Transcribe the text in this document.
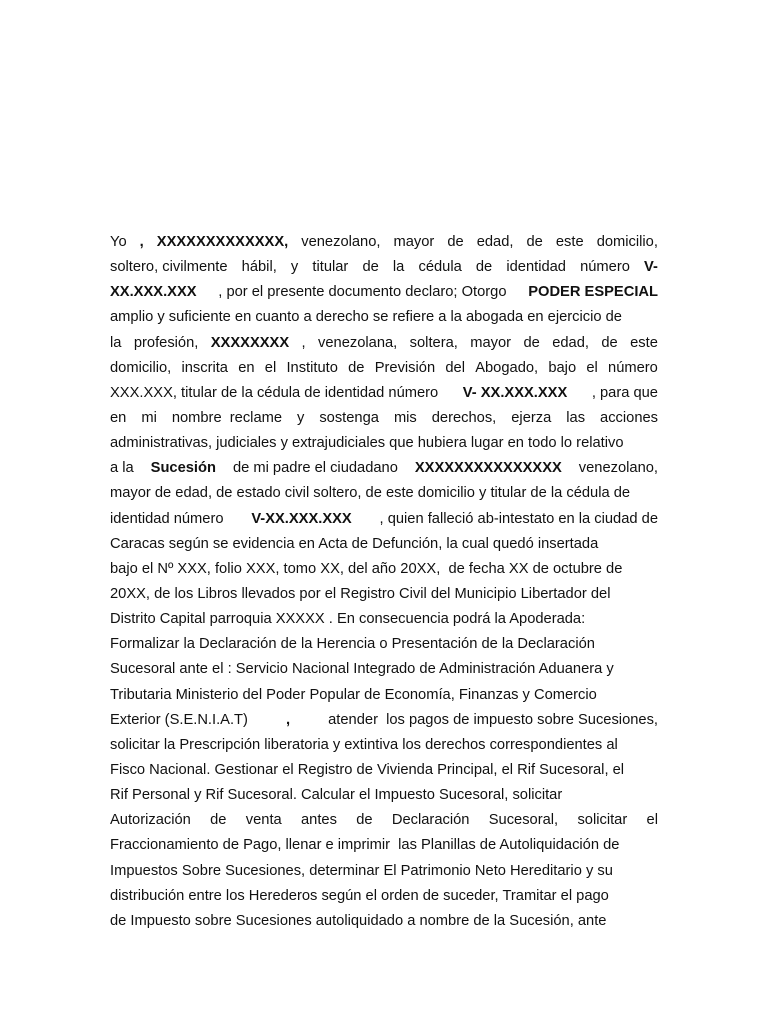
Yo , XXXXXXXXXXXXX, venezolano, mayor de edad, de este domicilio,
soltero, civilmente hábil, y titular de la cédula de identidad número V-
XX.XXX.XXX , por el presente documento declaro; Otorgo PODER ESPECIAL
amplio y suficiente en cuanto a derecho se refiere a la abogada en ejercicio de
la profesión, XXXXXXXX , venezolana, soltera, mayor de edad, de este
domicilio, inscrita en el Instituto de Previsión del Abogado, bajo el número
XXX.XXX, titular de la cédula de identidad número V- XX.XXX.XXX , para que
en mi nombre  reclame y sostenga mis derechos, ejerza las acciones
administrativas, judiciales y extrajudiciales que hubiera lugar en todo lo relativo
a la Sucesión de mi padre el ciudadano XXXXXXXXXXXXXXX venezolano,
mayor de edad, de estado civil soltero, de este domicilio y titular de la cédula de
identidad número V-XX.XXX.XXX , quien falleció ab-intestato en la ciudad de
Caracas según se evidencia en Acta de Defunción, la cual quedó insertada
bajo el Nº XXX, folio XXX, tomo XX, del año 20XX,  de fecha XX de octubre de
20XX, de los Libros llevados por el Registro Civil del Municipio Libertador del
Distrito Capital parroquia XXXXX . En consecuencia podrá la Apoderada:
Formalizar la Declaración de la Herencia o Presentación de la Declaración
Sucesoral ante el : Servicio Nacional Integrado de Administración Aduanera y
Tributaria Ministerio del Poder Popular de Economía, Finanzas y Comercio
Exterior (S.E.N.I.A.T)	,	atender  los pagos de impuesto sobre Sucesiones,
solicitar la Prescripción liberatoria y extintiva los derechos correspondientes al
Fisco Nacional. Gestionar el Registro de Vivienda Principal, el Rif Sucesoral, el
Rif Personal y Rif Sucesoral. Calcular el Impuesto Sucesoral, solicitar
Autorización de venta antes de Declaración Sucesoral, solicitar el
Fraccionamiento de Pago, llenar e imprimir  las Planillas de Autoliquidación de
Impuestos Sobre Sucesiones, determinar El Patrimonio Neto Hereditario y su
distribución entre los Herederos según el orden de suceder, Tramitar el pago
de Impuesto sobre Sucesiones autoliquidado a nombre de la Sucesión, ante
